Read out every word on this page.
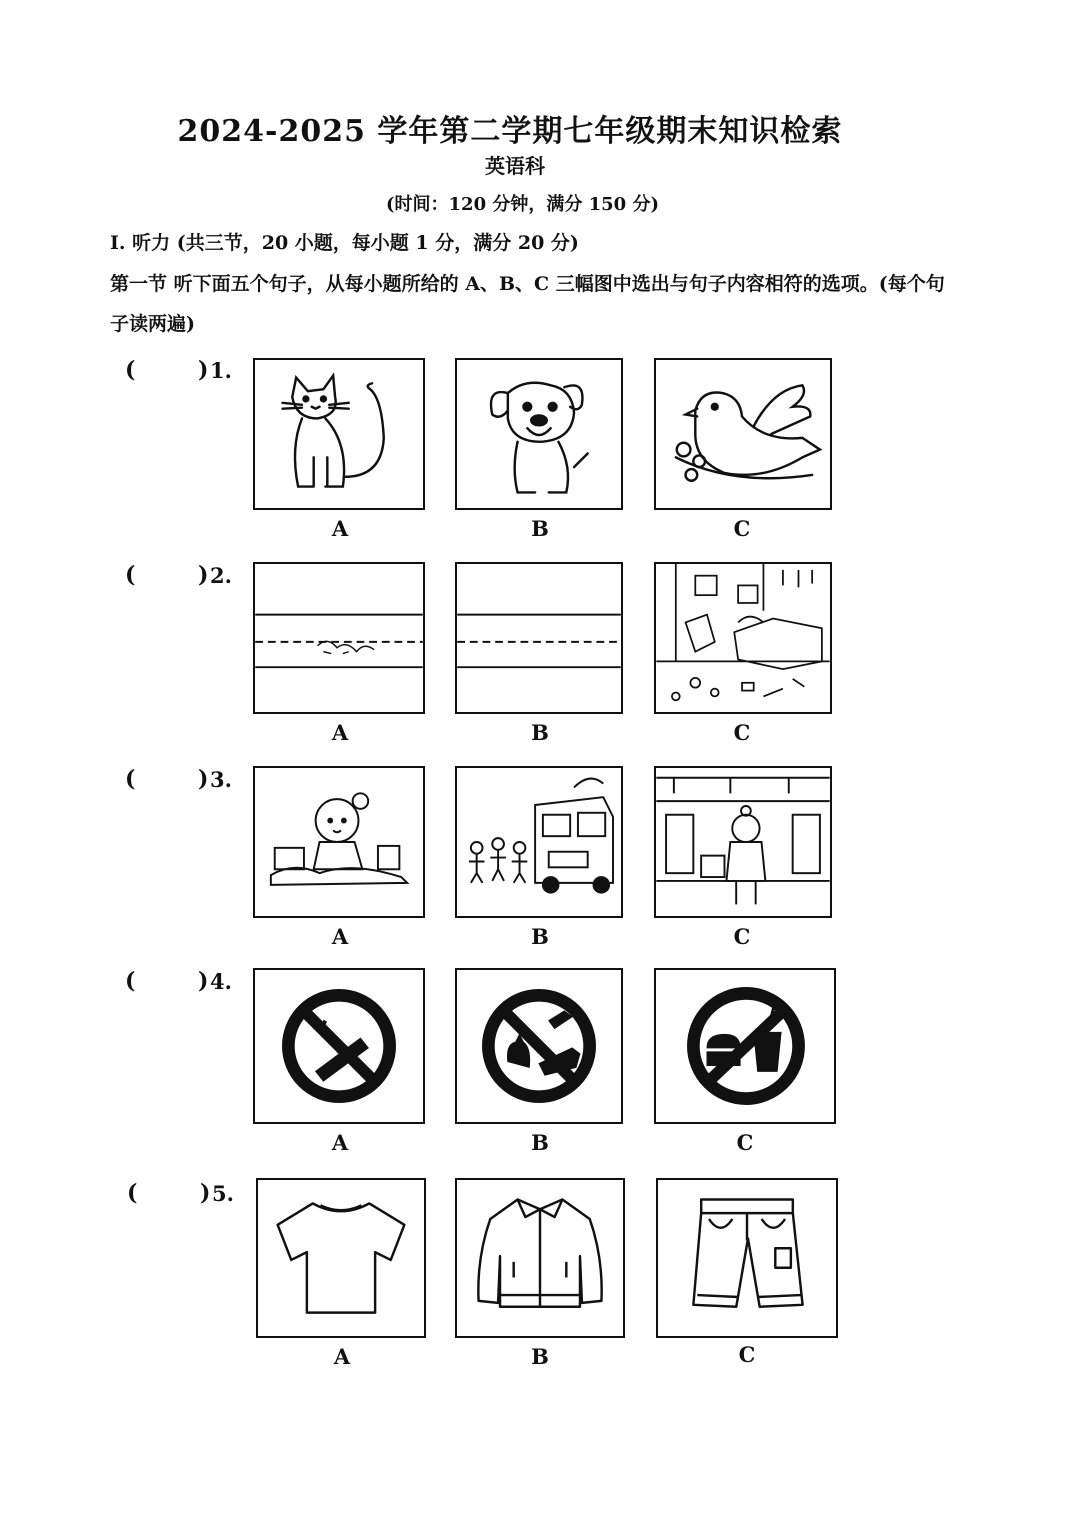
2024-2025 学年第二学期七年级期末知识检索
英语科
(时间：120 分钟，满分 150 分)
I. 听力 (共三节，20 小题，每小题 1 分，满分 20 分)
第一节 听下面五个句子，从每小题所给的 A、B、C 三幅图中选出与句子内容相符的选项。(每个句子读两遍)
(	) 1.
A	B	C
(	) 2.
A	B	C
(	) 3.
A	B	C
(	) 4.
A	B	C
(	) 5.
A	B	C
